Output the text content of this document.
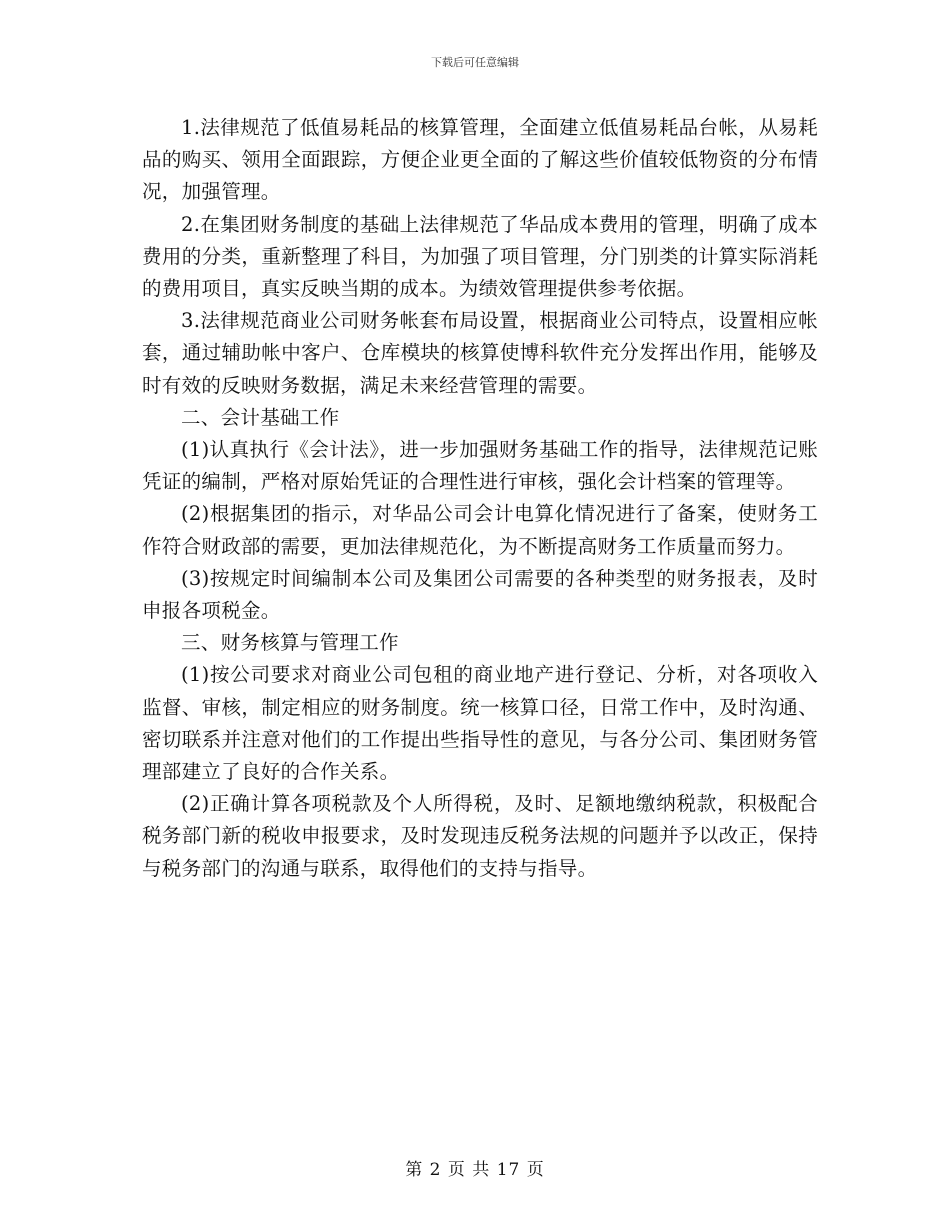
下载后可任意编辑

1.法律规范了低值易耗品的核算管理，全面建立低值易耗品台帐，从易耗品的购买、领用全面跟踪，方便企业更全面的了解这些价值较低物资的分布情况，加强管理。

2.在集团财务制度的基础上法律规范了华品成本费用的管理，明确了成本费用的分类，重新整理了科目，为加强了项目管理，分门别类的计算实际消耗的费用项目，真实反映当期的成本。为绩效管理提供参考依据。

3.法律规范商业公司财务帐套布局设置，根据商业公司特点，设置相应帐套，通过辅助帐中客户、仓库模块的核算使博科软件充分发挥出作用，能够及时有效的反映财务数据，满足未来经营管理的需要。

二、会计基础工作

(1)认真执行《会计法》，进一步加强财务基础工作的指导，法律规范记账凭证的编制，严格对原始凭证的合理性进行审核，强化会计档案的管理等。

(2)根据集团的指示，对华品公司会计电算化情况进行了备案，使财务工作符合财政部的需要，更加法律规范化，为不断提高财务工作质量而努力。

(3)按规定时间编制本公司及集团公司需要的各种类型的财务报表，及时申报各项税金。

三、财务核算与管理工作

(1)按公司要求对商业公司包租的商业地产进行登记、分析，对各项收入监督、审核，制定相应的财务制度。统一核算口径，日常工作中，及时沟通、密切联系并注意对他们的工作提出些指导性的意见，与各分公司、集团财务管理部建立了良好的合作关系。

(2)正确计算各项税款及个人所得税，及时、足额地缴纳税款，积极配合税务部门新的税收申报要求，及时发现违反税务法规的问题并予以改正，保持与税务部门的沟通与联系，取得他们的支持与指导。

第 2 页 共 17 页
